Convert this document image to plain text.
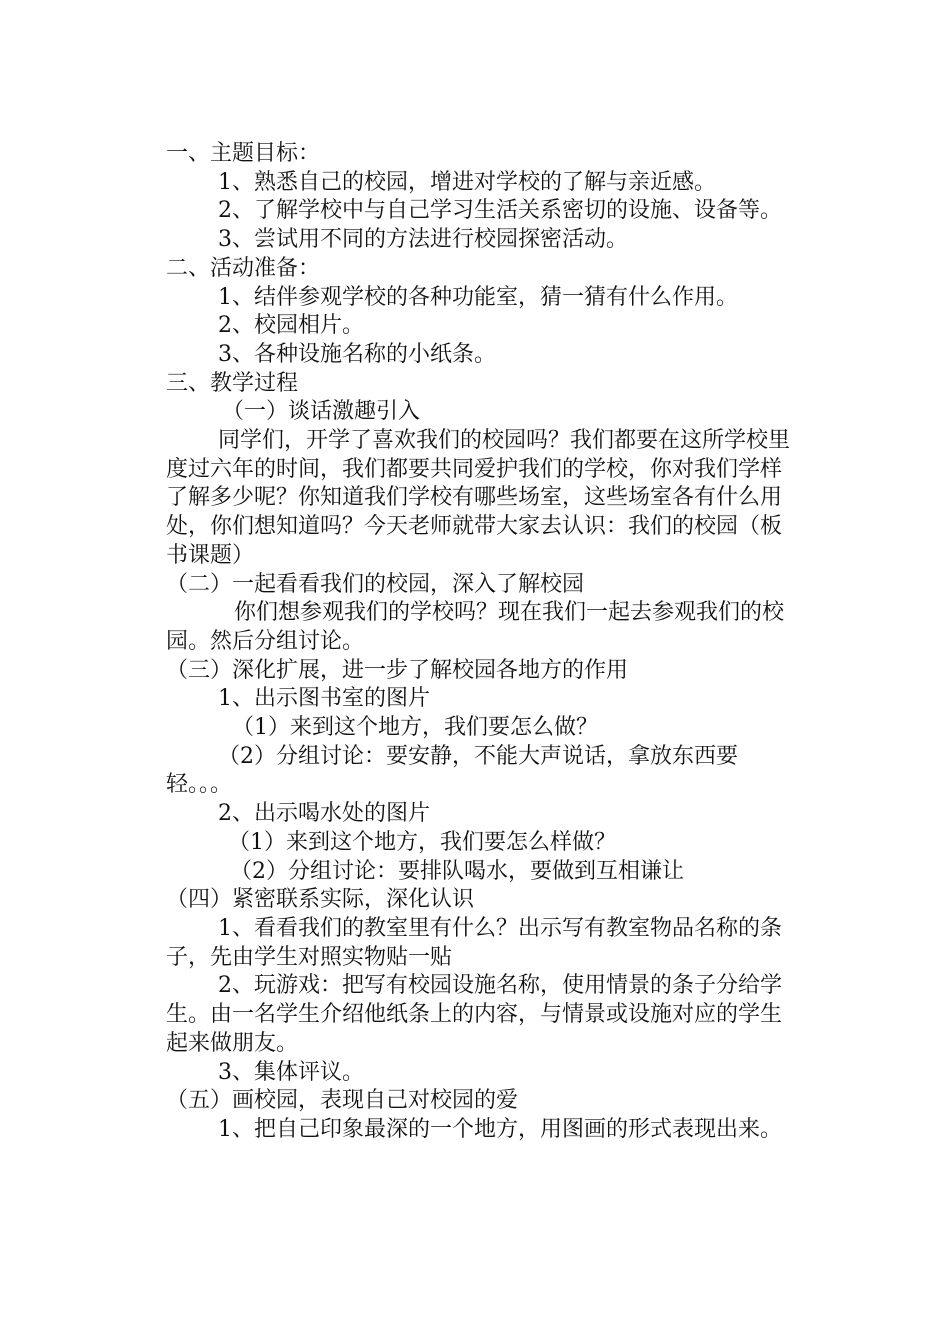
一、主题目标：

1、熟悉自己的校园，增进对学校的了解与亲近感。

2、了解学校中与自己学习生活关系密切的设施、设备等。

3、尝试用不同的方法进行校园探密活动。

二、活动准备：

1、结伴参观学校的各种功能室，猜一猜有什么作用。

2、校园相片。

3、各种设施名称的小纸条。

三、教学过程

（一）谈话激趣引入

同学们，开学了喜欢我们的校园吗？我们都要在这所学校里度过六年的时间，我们都要共同爱护我们的学校，你对我们学样了解多少呢？你知道我们学校有哪些场室，这些场室各有什么用处，你们想知道吗？今天老师就带大家去认识：我们的校园（板书课题）

（二）一起看看我们的校园，深入了解校园

你们想参观我们的学校吗？现在我们一起去参观我们的校园。然后分组讨论。

（三）深化扩展，进一步了解校园各地方的作用

1、出示图书室的图片

（1）来到这个地方，我们要怎么做？

（2）分组讨论：要安静，不能大声说话，拿放东西要轻。。。

2、出示喝水处的图片

（1）来到这个地方，我们要怎么样做？

（2）分组讨论：要排队喝水，要做到互相谦让

（四）紧密联系实际，深化认识

1、看看我们的教室里有什么？出示写有教室物品名称的条子，先由学生对照实物贴一贴

2、玩游戏：把写有校园设施名称，使用情景的条子分给学生。由一名学生介绍他纸条上的内容，与情景或设施对应的学生起来做朋友。

3、集体评议。

（五）画校园，表现自己对校园的爱

1、把自己印象最深的一个地方，用图画的形式表现出来。
